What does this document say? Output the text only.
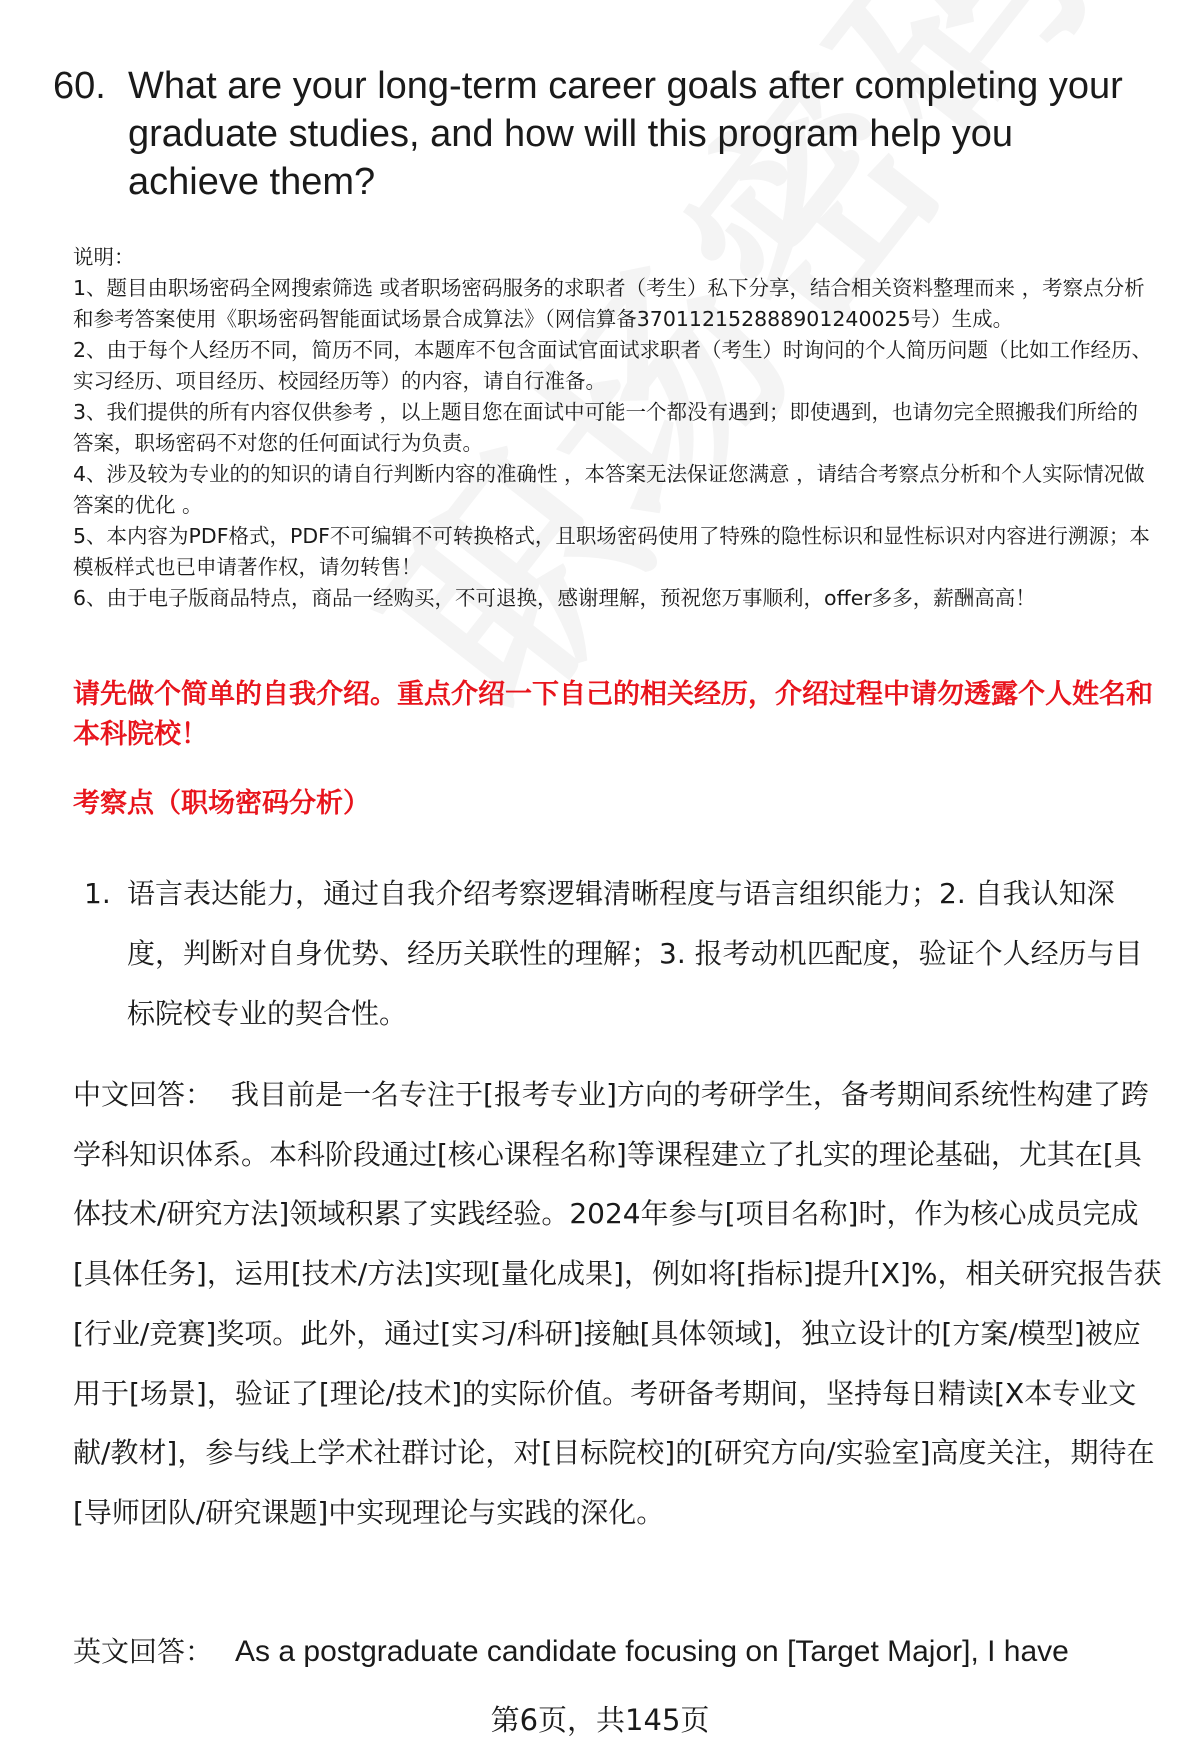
60. What are your long-term career goals after completing your graduate studies, and how will this program help you achieve them?

说明：

1、题目由职场密码全网搜索筛选 或者职场密码服务的求职者（考生）私下分享，结合相关资料整理而来 ，考察点分析和参考答案使用《职场密码智能面试场景合成算法》（网信算备370112152888901240025号）生成。

2、由于每个人经历不同，简历不同，本题库不包含面试官面试求职者（考生）时询问的个人简历问题（比如工作经历、实习经历、项目经历、校园经历等）的内容，请自行准备。

3、我们提供的所有内容仅供参考 ，以上题目您在面试中可能一个都没有遇到；即使遇到，也请勿完全照搬我们所给的答案，职场密码不对您的任何面试行为负责。

4、涉及较为专业的的知识的请自行判断内容的准确性 ，本答案无法保证您满意 ，请结合考察点分析和个人实际情况做答案的优化 。

5、本内容为PDF格式，PDF不可编辑不可转换格式，且职场密码使用了特殊的隐性标识和显性标识对内容进行溯源；本模板样式也已申请著作权，请勿转售！

6、由于电子版商品特点，商品一经购买，不可退换，感谢理解，预祝您万事顺利，offer多多，薪酬高高！

请先做个简单的自我介绍。重点介绍一下自己的相关经历，介绍过程中请勿透露个人姓名和本科院校！
考察点（职场密码分析）
1. 语言表达能力，通过自我介绍考察逻辑清晰程度与语言组织能力；2. 自我认知深度，判断对自身优势、经历关联性的理解；3. 报考动机匹配度，验证个人经历与目标院校专业的契合性。
中文回答： 我目前是一名专注于[报考专业]方向的考研学生，备考期间系统性构建了跨学科知识体系。本科阶段通过[核心课程名称]等课程建立了扎实的理论基础，尤其在[具体技术/研究方法]领域积累了实践经验。2024年参与[项目名称]时，作为核心成员完成[具体任务]，运用[技术/方法]实现[量化成果]，例如将[指标]提升[X]%，相关研究报告获[行业/竞赛]奖项。此外，通过[实习/科研]接触[具体领域]，独立设计的[方案/模型]被应用于[场景]，验证了[理论/技术]的实际价值。考研备考期间，坚持每日精读[X本专业文献/教材]，参与线上学术社群讨论，对[目标院校]的[研究方向/实验室]高度关注，期待在[导师团队/研究课题]中实现理论与实践的深化。
英文回答： As a postgraduate candidate focusing on [Target Major], I have
第6页，共145页
